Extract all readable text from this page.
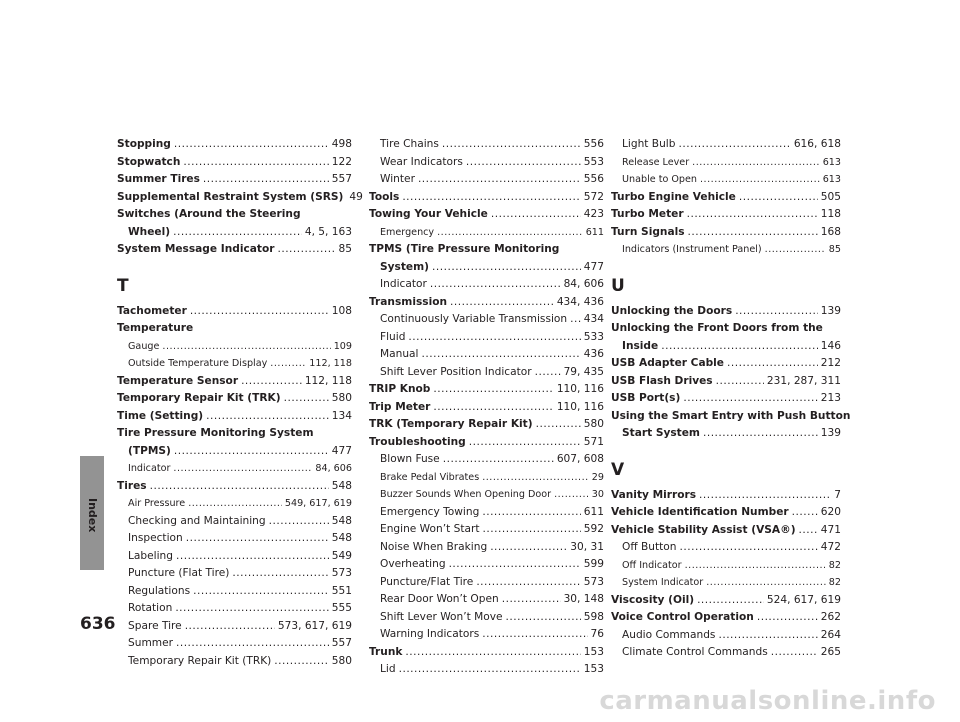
Index
636
Stopping .....	498
Stopwatch .....	122
Summer Tires .....	557
Supplemental Restraint System (SRS) 49
Switches (Around the Steering
Wheel) .....	4, 5, 163
System Message Indicator .....	85
T
Tachometer .....	108
Temperature
Gauge .....	109
Outside Temperature Display .....	112, 118
Temperature Sensor .....	112, 118
Temporary Repair Kit (TRK) .....	580
Time (Setting) .....	134
Tire Pressure Monitoring System
(TPMS) .....	477
Indicator .....	84, 606
Tires .....	548
Air Pressure .....	549, 617, 619
Checking and Maintaining .....	548
Inspection .....	548
Labeling .....	549
Puncture (Flat Tire) .....	573
Regulations .....	551
Rotation .....	555
Spare Tire .....	573, 617, 619
Summer .....	557
Temporary Repair Kit (TRK) .....	580
Tire Chains .....	556
Wear Indicators .....	553
Winter .....	556
Tools .....	572
Towing Your Vehicle .....	423
Emergency .....	611
TPMS (Tire Pressure Monitoring
System) .....	477
Indicator .....	84, 606
Transmission .....	434, 436
Continuously Variable Transmission ..... 434
Fluid .....	533
Manual .....	436
Shift Lever Position Indicator .....	79, 435
TRIP Knob .....	110, 116
Trip Meter .....	110, 116
TRK (Temporary Repair Kit) .....	580
Troubleshooting .....	571
Blown Fuse .....	607, 608
Brake Pedal Vibrates .....	29
Buzzer Sounds When Opening Door .....	30
Emergency Towing .....	611
Engine Won’t Start .....	592
Noise When Braking .....	30, 31
Overheating .....	599
Puncture/Flat Tire .....	573
Rear Door Won’t Open .....	30, 148
Shift Lever Won’t Move .....	598
Warning Indicators .....	76
Trunk .....	153
Lid .....	153
Light Bulb .....	616, 618
Release Lever .....	613
Unable to Open .....	613
Turbo Engine Vehicle .....	505
Turbo Meter .....	118
Turn Signals .....	168
Indicators (Instrument Panel) .....	85
U
Unlocking the Doors .....	139
Unlocking the Front Doors from the
Inside .....	146
USB Adapter Cable .....	212
USB Flash Drives .....	231, 287, 311
USB Port(s) .....	213
Using the Smart Entry with Push Button
Start System .....	139
V
Vanity Mirrors .....	7
Vehicle Identification Number .....	620
Vehicle Stability Assist (VSA®) ..... 471
Off Button .....	472
Off Indicator .....	82
System Indicator .....	82
Viscosity (Oil) .....	524, 617, 619
Voice Control Operation .....	262
Audio Commands .....	264
Climate Control Commands .....	265
carmanualsonline.info
